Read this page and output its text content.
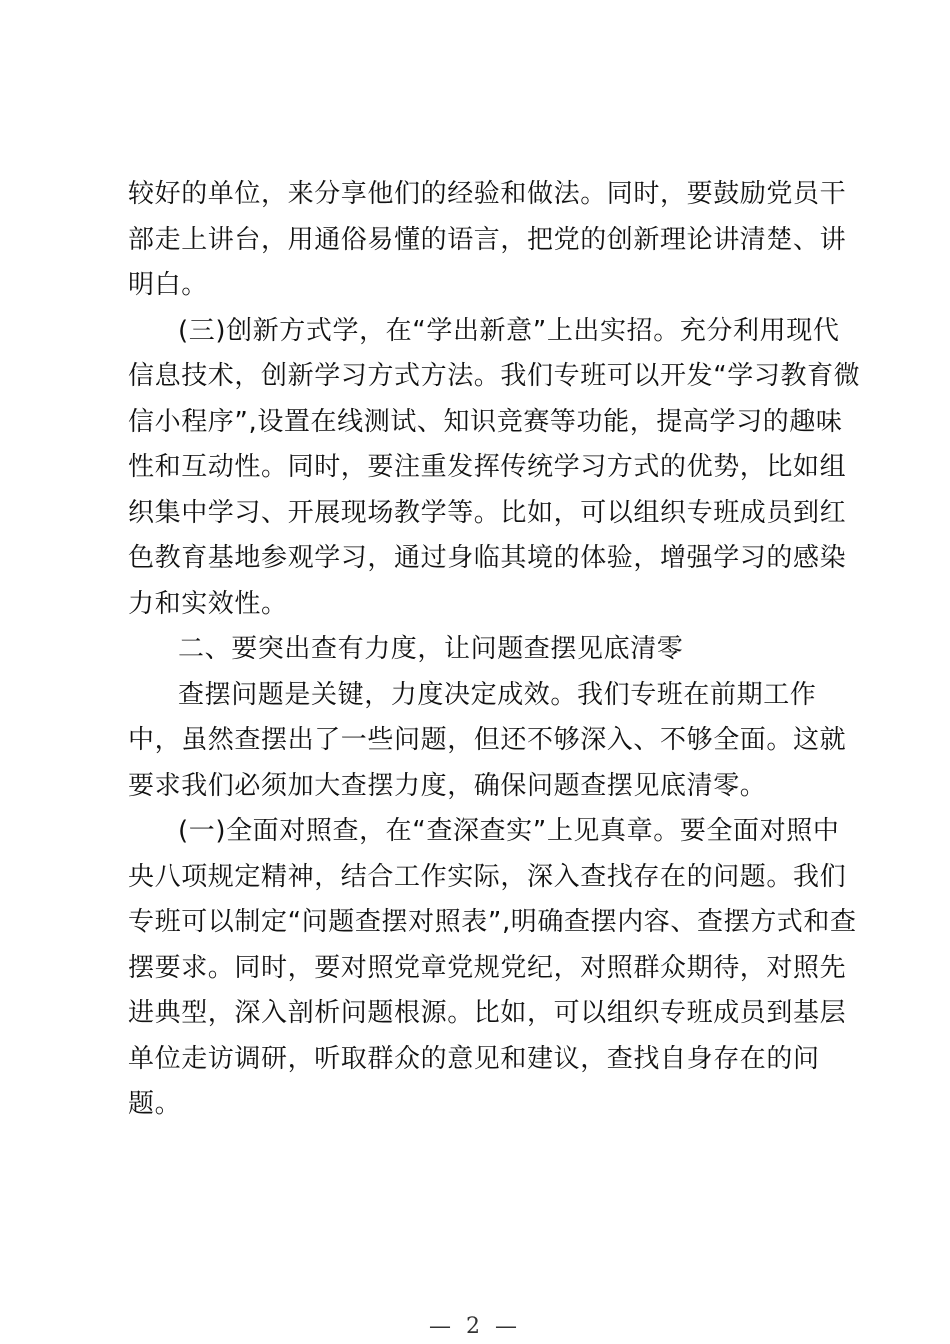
较好的单位，来分享他们的经验和做法。同时，要鼓励党员干

部走上讲台，用通俗易懂的语言，把党的创新理论讲清楚、讲

明白。

(三)创新方式学，在“学出新意”上出实招。充分利用现代

信息技术，创新学习方式方法。我们专班可以开发“学习教育微

信小程序”,设置在线测试、知识竞赛等功能，提高学习的趣味

性和互动性。同时，要注重发挥传统学习方式的优势，比如组

织集中学习、开展现场教学等。比如，可以组织专班成员到红

色教育基地参观学习，通过身临其境的体验，增强学习的感染

力和实效性。

二、要突出查有力度，让问题查摆见底清零

查摆问题是关键，力度决定成效。我们专班在前期工作

中，虽然查摆出了一些问题，但还不够深入、不够全面。这就

要求我们必须加大查摆力度，确保问题查摆见底清零。

(一)全面对照查，在“查深查实”上见真章。要全面对照中

央八项规定精神，结合工作实际，深入查找存在的问题。我们

专班可以制定“问题查摆对照表”,明确查摆内容、查摆方式和查

摆要求。同时，要对照党章党规党纪，对照群众期待，对照先

进典型，深入剖析问题根源。比如，可以组织专班成员到基层

单位走访调研，听取群众的意见和建议，查找自身存在的问

题。

— 2 —
